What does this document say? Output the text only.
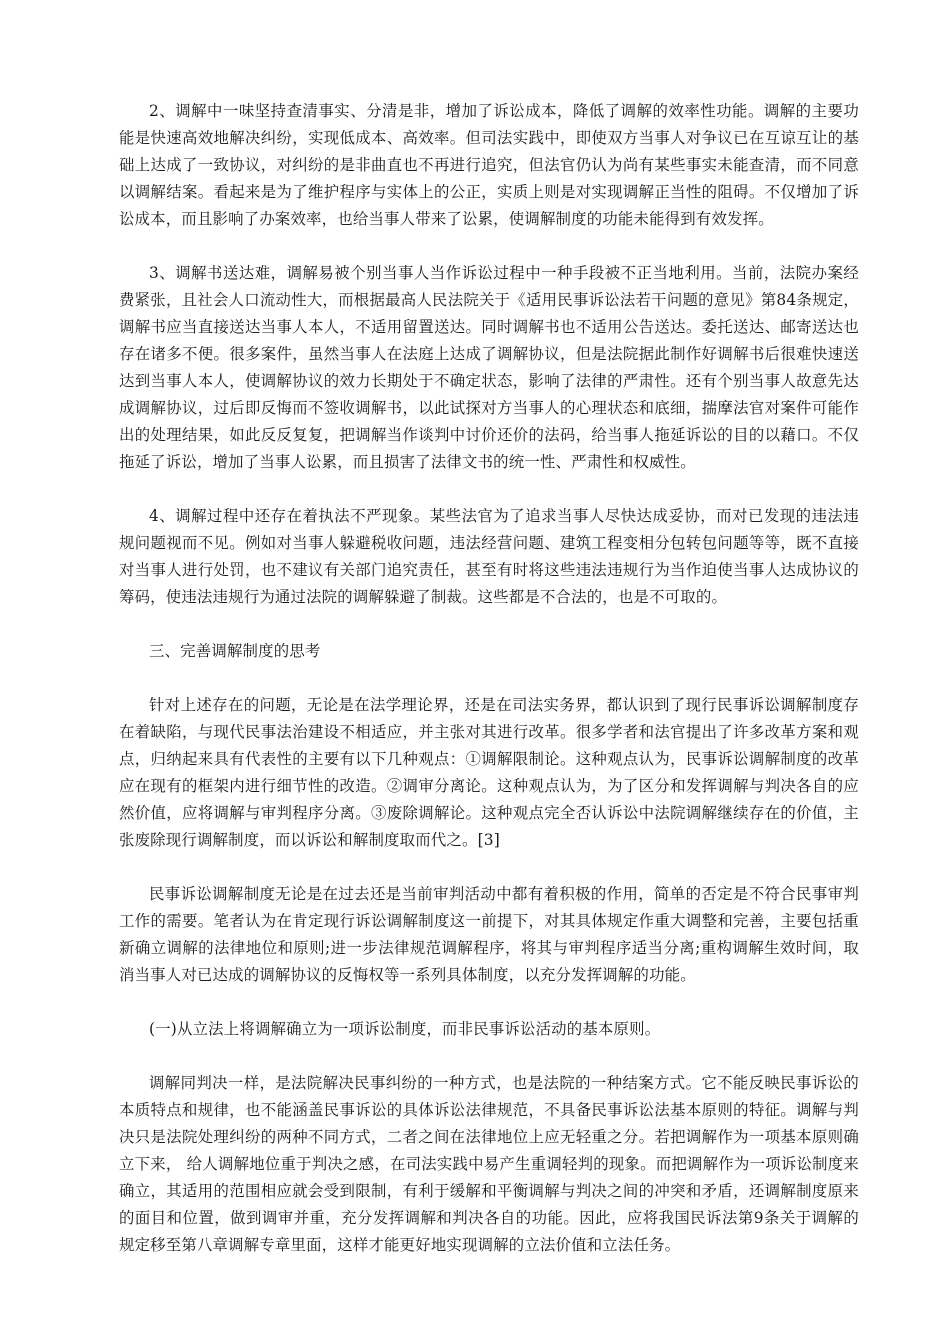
2、调解中一味坚持查清事实、分清是非，增加了诉讼成本，降低了调解的效率性功能。调解的主要功能是快速高效地解决纠纷，实现低成本、高效率。但司法实践中，即使双方当事人对争议已在互谅互让的基础上达成了一致协议，对纠纷的是非曲直也不再进行追究，但法官仍认为尚有某些事实未能查清，而不同意以调解结案。看起来是为了维护程序与实体上的公正，实质上则是对实现调解正当性的阻碍。不仅增加了诉讼成本，而且影响了办案效率，也给当事人带来了讼累，使调解制度的功能未能得到有效发挥。

3、调解书送达难，调解易被个别当事人当作诉讼过程中一种手段被不正当地利用。当前，法院办案经费紧张，且社会人口流动性大，而根据最高人民法院关于《适用民事诉讼法若干问题的意见》第84条规定，调解书应当直接送达当事人本人，不适用留置送达。同时调解书也不适用公告送达。委托送达、邮寄送达也存在诸多不便。很多案件，虽然当事人在法庭上达成了调解协议，但是法院据此制作好调解书后很难快速送达到当事人本人，使调解协议的效力长期处于不确定状态，影响了法律的严肃性。还有个别当事人故意先达成调解协议，过后即反悔而不签收调解书，以此试探对方当事人的心理状态和底细，揣摩法官对案件可能作出的处理结果，如此反反复复，把调解当作谈判中讨价还价的法码，给当事人拖延诉讼的目的以藉口。不仅拖延了诉讼，增加了当事人讼累，而且损害了法律文书的统一性、严肃性和权威性。

4、调解过程中还存在着执法不严现象。某些法官为了追求当事人尽快达成妥协，而对已发现的违法违规问题视而不见。例如对当事人躲避税收问题，违法经营问题、建筑工程变相分包转包问题等等，既不直接对当事人进行处罚，也不建议有关部门追究责任，甚至有时将这些违法违规行为当作迫使当事人达成协议的筹码，使违法违规行为通过法院的调解躲避了制裁。这些都是不合法的，也是不可取的。

三、完善调解制度的思考

针对上述存在的问题，无论是在法学理论界，还是在司法实务界，都认识到了现行民事诉讼调解制度存在着缺陷，与现代民事法治建设不相适应，并主张对其进行改革。很多学者和法官提出了许多改革方案和观点，归纳起来具有代表性的主要有以下几种观点：①调解限制论。这种观点认为，民事诉讼调解制度的改革应在现有的框架内进行细节性的改造。②调审分离论。这种观点认为，为了区分和发挥调解与判决各自的应然价值，应将调解与审判程序分离。③废除调解论。这种观点完全否认诉讼中法院调解继续存在的价值，主张废除现行调解制度，而以诉讼和解制度取而代之。[3]

民事诉讼调解制度无论是在过去还是当前审判活动中都有着积极的作用，简单的否定是不符合民事审判工作的需要。笔者认为在肯定现行诉讼调解制度这一前提下，对其具体规定作重大调整和完善，主要包括重新确立调解的法律地位和原则;进一步法律规范调解程序，将其与审判程序适当分离;重构调解生效时间，取消当事人对已达成的调解协议的反悔权等一系列具体制度，以充分发挥调解的功能。

(一)从立法上将调解确立为一项诉讼制度，而非民事诉讼活动的基本原则。

调解同判决一样，是法院解决民事纠纷的一种方式，也是法院的一种结案方式。它不能反映民事诉讼的本质特点和规律，也不能涵盖民事诉讼的具体诉讼法律规范，不具备民事诉讼法基本原则的特征。调解与判决只是法院处理纠纷的两种不同方式，二者之间在法律地位上应无轻重之分。若把调解作为一项基本原则确立下来， 给人调解地位重于判决之感，在司法实践中易产生重调轻判的现象。而把调解作为一项诉讼制度来确立，其适用的范围相应就会受到限制，有利于缓解和平衡调解与判决之间的冲突和矛盾，还调解制度原来的面目和位置，做到调审并重，充分发挥调解和判决各自的功能。因此，应将我国民诉法第9条关于调解的规定移至第八章调解专章里面，这样才能更好地实现调解的立法价值和立法任务。
